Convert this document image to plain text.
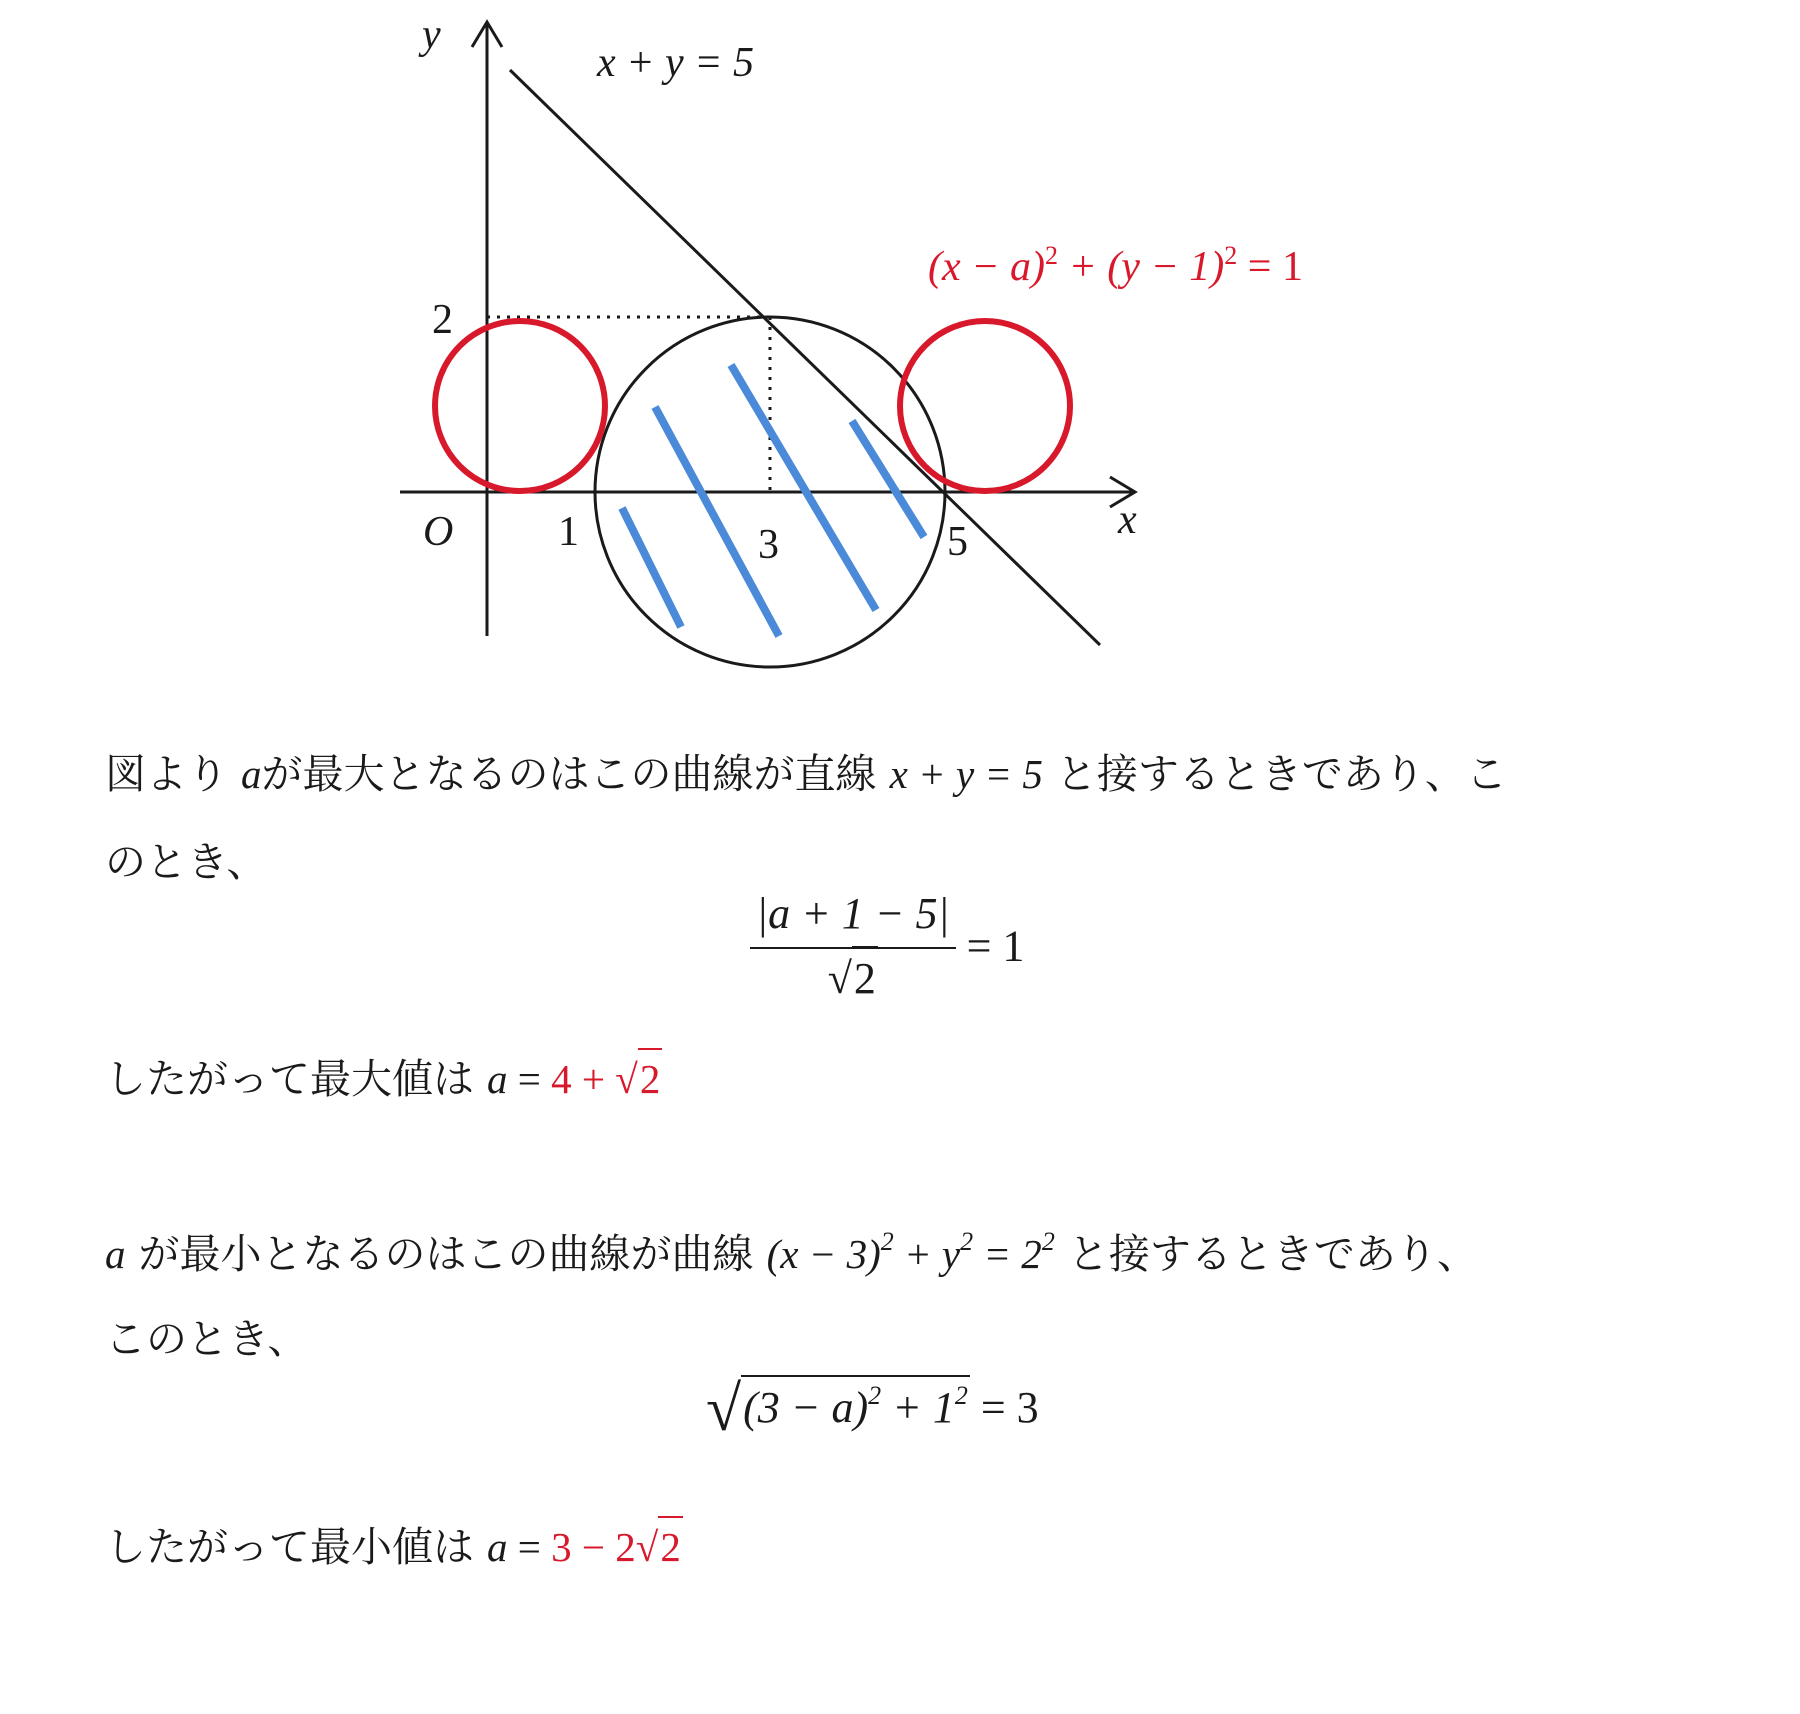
y
x
O 1	3	5
2
x + y = 5
$(x - a)^2 + (y - 1)^2 = 1$
図より aが最大となるのはこの曲線が直線 x + y = 5 と接するときであり、こ
のとき、
$\frac{|a + 1 - 5|}{√2} = 1$
したがって最大値は a = 4 + √2
a が最小となるのはこの曲線が曲線 $(x - 3)^2 + y^2 = 2^2$ と接するときであり、
このとき、
$√(3 - a)^2 + 1^2 = 3$
したがって最小値は a = 3 − 2√2
